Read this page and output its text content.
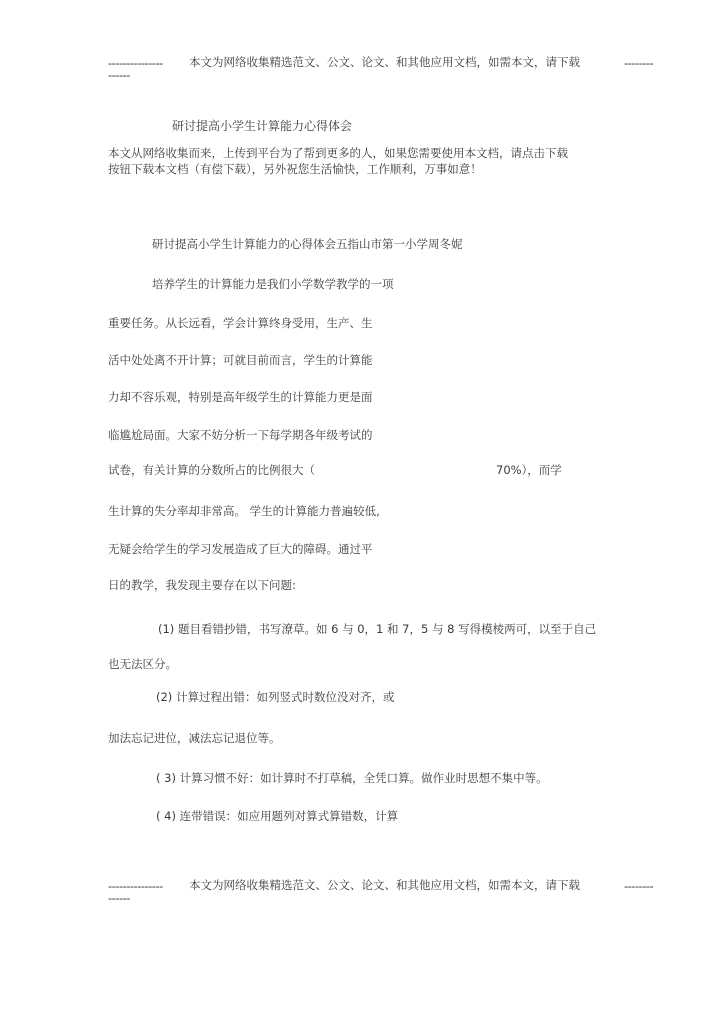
--------------- 本文为网络收集精选范文、公文、论文、和其他应用文档，如需本文，请下载	--------
------
研讨提高小学生计算能力心得体会
本文从网络收集而来，上传到平台为了帮到更多的人，如果您需要使用本文档，请点击下载
按钮下载本文档（有偿下载），另外祝您生活愉快，工作顺利，万事如意！
研讨提高小学生计算能力的心得体会五指山市第一小学周冬妮
培养学生的计算能力是我们小学数学教学的一项
重要任务。从长远看，学会计算终身受用，生产、生
活中处处离不开计算；可就目前而言，学生的计算能
力却不容乐观，特别是高年级学生的计算能力更是面
临尴尬局面。大家不妨分析一下每学期各年级考试的
试卷，有关计算的分数所占的比例很大（	70%），而学
生计算的失分率却非常高。 学生的计算能力普遍较低,
无疑会给学生的学习发展造成了巨大的障碍。通过平
日的教学，我发现主要存在以下问题:
(1) 题目看错抄错，书写潦草。如 6 与 0，1 和 7，5 与 8 写得模棱两可，以至于自己
也无法区分。
(2) 计算过程出错：如列竖式时数位没对齐，或
加法忘记进位，减法忘记退位等。
( 3) 计算习惯不好：如计算时不打草稿，全凭口算。做作业时思想不集中等。
( 4) 连带错误：如应用题列对算式算错数，计算
--------------- 本文为网络收集精选范文、公文、论文、和其他应用文档，如需本文，请下载	--------
------
